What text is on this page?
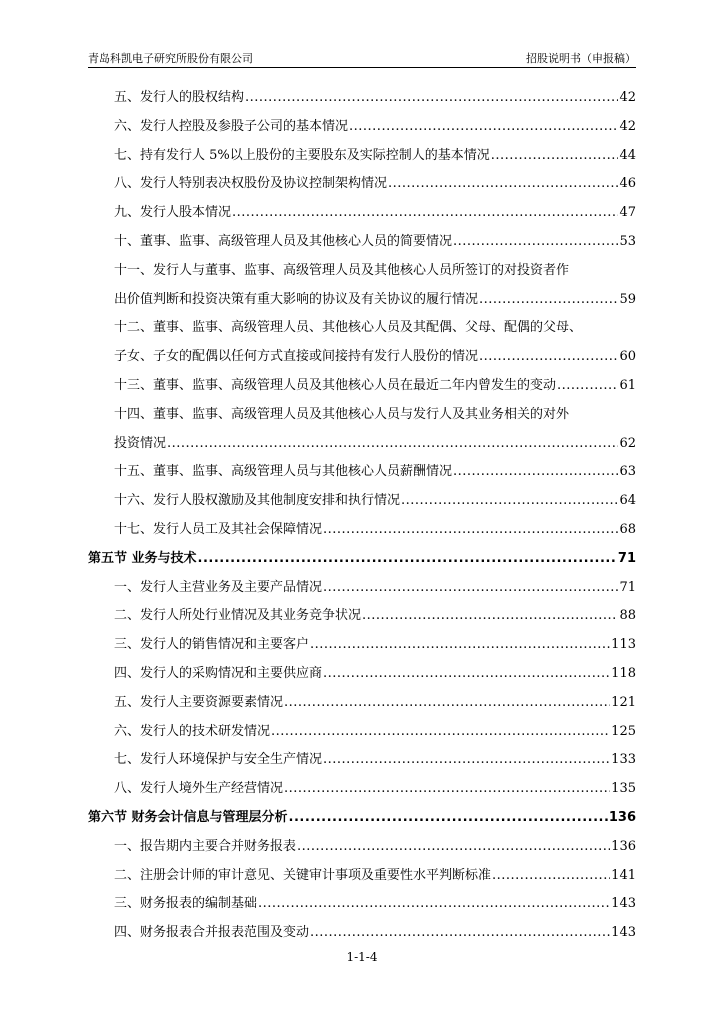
青岛科凯电子研究所股份有限公司	招股说明书（申报稿）
五、发行人的股权结构 .....	42
六、发行人控股及参股子公司的基本情况 .....	42
七、持有发行人 5%以上股份的主要股东及实际控制人的基本情况 .....	44
八、发行人特别表决权股份及协议控制架构情况 .....	46
九、发行人股本情况 .....	47
十、董事、监事、高级管理人员及其他核心人员的简要情况 .....	53
十一、发行人与董事、监事、高级管理人员及其他核心人员所签订的对投资者作
出价值判断和投资决策有重大影响的协议及有关协议的履行情况 .....	59
十二、董事、监事、高级管理人员、其他核心人员及其配偶、父母、配偶的父母、
子女、子女的配偶以任何方式直接或间接持有发行人股份的情况 .....	60
十三、董事、监事、高级管理人员及其他核心人员在最近二年内曾发生的变动 .....	61
十四、董事、监事、高级管理人员及其他核心人员与发行人及其业务相关的对外
投资情况 .....	62
十五、董事、监事、高级管理人员与其他核心人员薪酬情况 .....	63
十六、发行人股权激励及其他制度安排和执行情况 .....	64
十七、发行人员工及其社会保障情况 .....	68
第五节 业务与技术 .....	71
一、发行人主营业务及主要产品情况 .....	71
二、发行人所处行业情况及其业务竞争状况 .....	88
三、发行人的销售情况和主要客户 .....	113
四、发行人的采购情况和主要供应商 .....	118
五、发行人主要资源要素情况 .....	121
六、发行人的技术研发情况 .....	125
七、发行人环境保护与安全生产情况 .....	133
八、发行人境外生产经营情况 .....	135
第六节 财务会计信息与管理层分析 .....	136
一、报告期内主要合并财务报表 .....	136
二、注册会计师的审计意见、关键审计事项及重要性水平判断标准 .....	141
三、财务报表的编制基础 .....	143
四、财务报表合并报表范围及变动 .....	143
1-1-4
